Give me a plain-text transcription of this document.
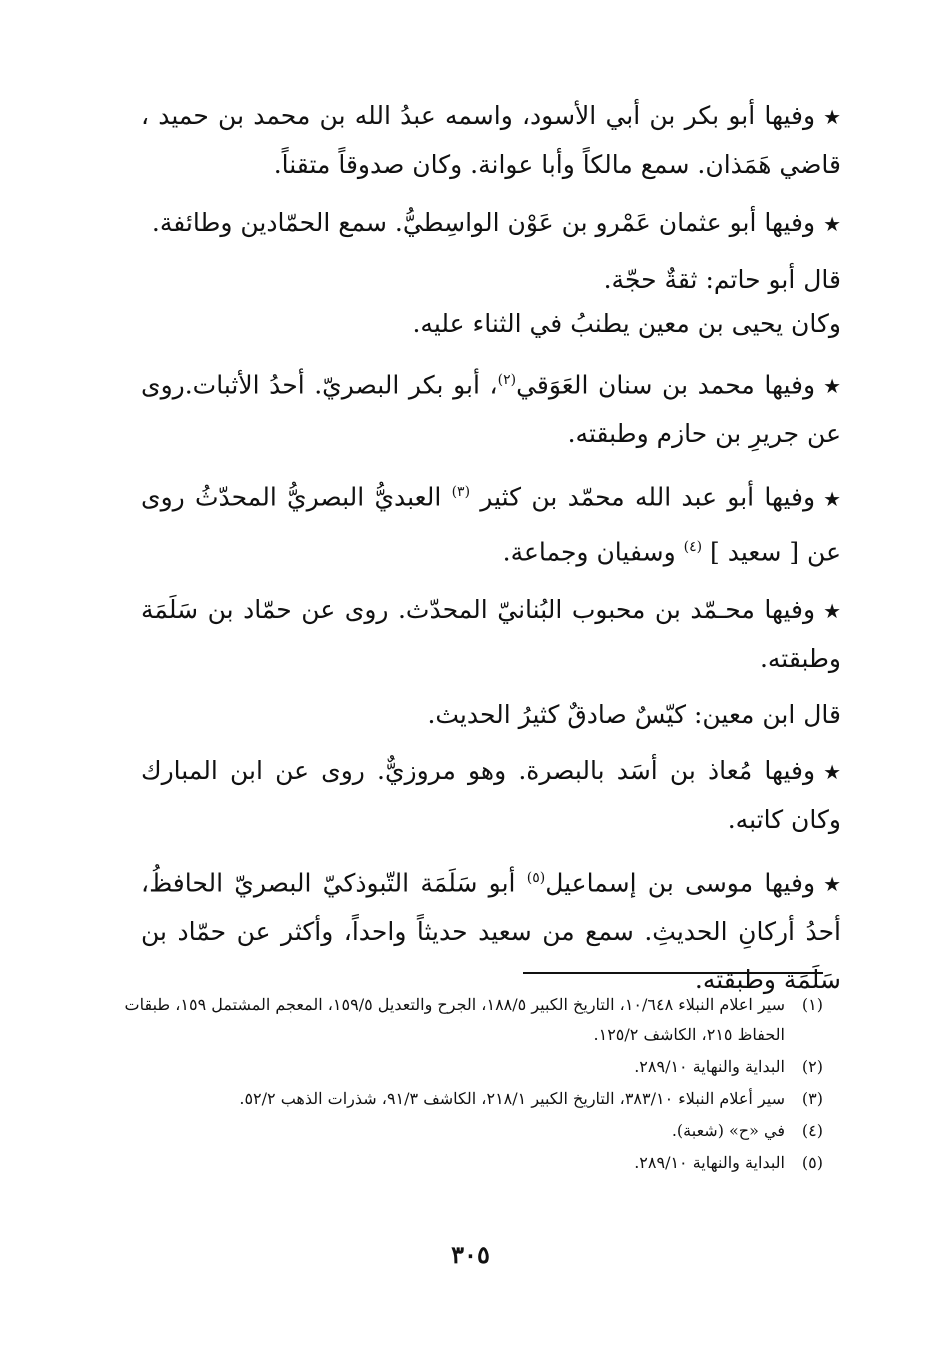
★وفيها أبو بكر بن أبي الأسود، واسمه عبدُ الله بن محمد بن حميد ، قاضي هَمَذان. سمع مالكاً وأبا عوانة. وكان صدوقاً متقناً.

★وفيها أبو عثمان عَمْرو بن عَوْن الواسِطيُّ. سمع الحمّادين وطائفة.

قال أبو حاتم: ثقةٌ حجّة.

وكان يحيى بن معين يطنبُ في الثناء عليه.

★وفيها محمد بن سنان العَوَقي$^{(٢)}$، أبو بكر البصريّ. أحدُ الأثبات.روى عن جريرِ بن حازم وطبقته.

★وفيها أبو عبد الله محمّد بن كثير $^{(٣)}$ العبديُّ البصريُّ المحدّثُ روى عن [ سعيد ] $^{(٤)}$ وسفيان وجماعة.

★وفيها محـمّد بن محبوب البُنانيّ المحدّث. روى عن حمّاد بن سَلَمَة وطبقته.

قال ابن معين: كيّسٌ صادقٌ كثيرُ الحديث.

★وفيها مُعاذ بن أسَد بالبصرة. وهو مروزيٌّ. روى عن ابن المبارك وكان كاتبه.

★وفيها موسى بن إسماعيل$^{(٥)}$ أبو سَلَمَة التّبوذكيّ البصريّ الحافظُ، أحدُ أركانِ الحديثِ. سمع من سعيد حديثاً واحداً، وأكثر عن حمّاد بن سَلَمَة وطبقته.

(١)
سير اعلام النبلاء ١٠/٦٤٨، التاريخ الكبير ١٨٨/٥، الجرح والتعديل ١٥٩/٥، المعجم المشتمل ١٥٩، طبقات الحفاظ ٢١٥، الكاشف ١٢٥/٢.
(٢)
البداية والنهاية ٢٨٩/١٠.
(٣)
سير أعلام النبلاء ٣٨٣/١٠، التاريخ الكبير ٢١٨/١، الكاشف ٩١/٣، شذرات الذهب ٥٢/٢.
(٤)
في «ح» (شعبة).
(٥)
البداية والنهاية ٢٨٩/١٠.
٣٠٥
